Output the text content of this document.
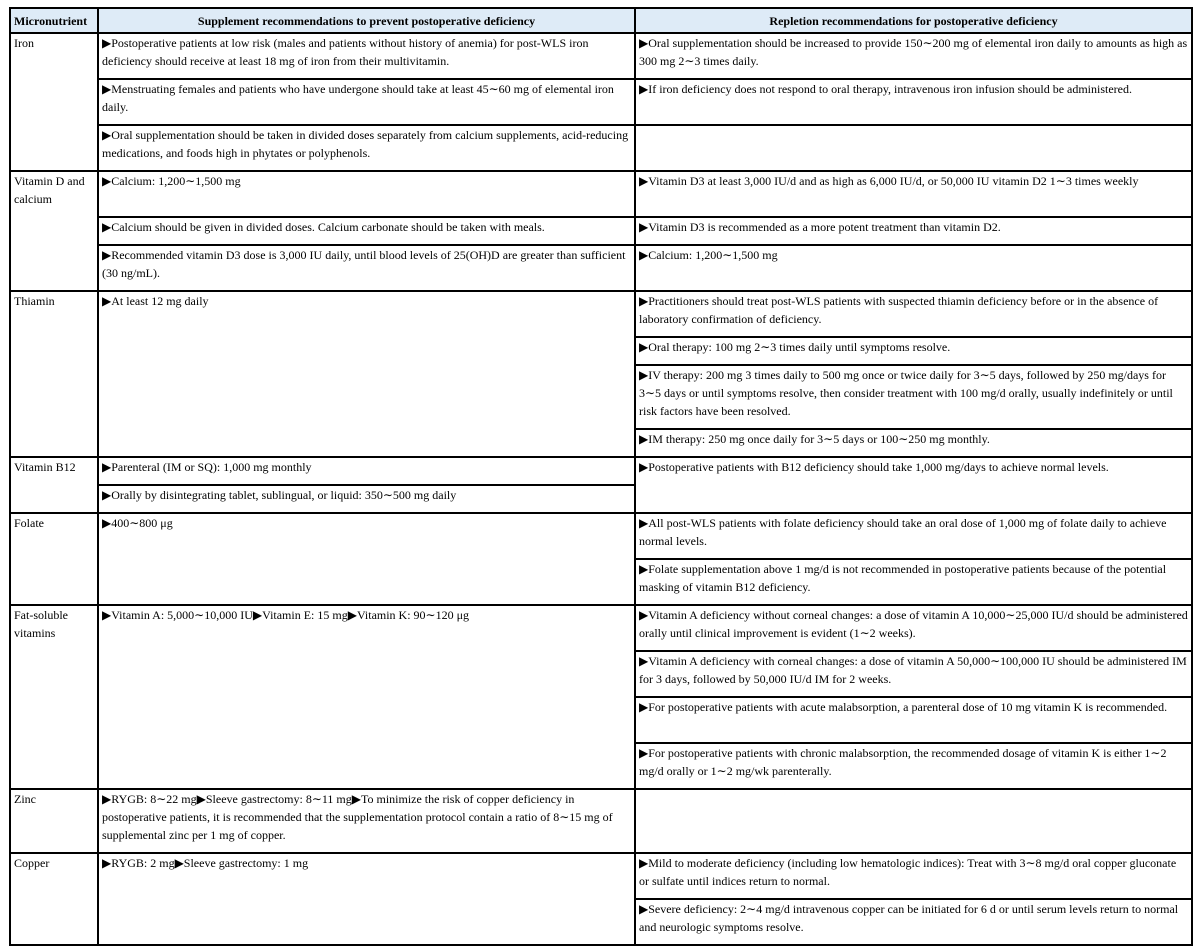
Micronutrient	Supplement recommendations to prevent postoperative deficiency	Repletion recommendations for postoperative deficiency
Iron	▶Postoperative patients at low risk (males and patients without history of anemia) for post-WLS iron deficiency should receive at least 18 mg of iron from their multivitamin.	▶Oral supplementation should be increased to provide 150∼200 mg of elemental iron daily to amounts as high as 300 mg 2∼3 times daily.
	▶Menstruating females and patients who have undergone should take at least 45∼60 mg of elemental iron daily.	▶If iron deficiency does not respond to oral therapy, intravenous iron infusion should be administered.
	▶Oral supplementation should be taken in divided doses separately from calcium supplements, acid-reducing medications, and foods high in phytates or polyphenols.	
Vitamin D and calcium	▶Calcium: 1,200∼1,500 mg	▶Vitamin D3 at least 3,000 IU/d and as high as 6,000 IU/d, or 50,000 IU vitamin D2 1∼3 times weekly
	▶Calcium should be given in divided doses. Calcium carbonate should be taken with meals.	▶Vitamin D3 is recommended as a more potent treatment than vitamin D2.
	▶Recommended vitamin D3 dose is 3,000 IU daily, until blood levels of 25(OH)D are greater than sufficient (30 ng/mL).	▶Calcium: 1,200∼1,500 mg
Thiamin	▶At least 12 mg daily	▶Practitioners should treat post-WLS patients with suspected thiamin deficiency before or in the absence of laboratory confirmation of deficiency.
		▶Oral therapy: 100 mg 2∼3 times daily until symptoms resolve.
		▶IV therapy: 200 mg 3 times daily to 500 mg once or twice daily for 3∼5 days, followed by 250 mg/days for 3∼5 days or until symptoms resolve, then consider treatment with 100 mg/d orally, usually indefinitely or until risk factors have been resolved.
		▶IM therapy: 250 mg once daily for 3∼5 days or 100∼250 mg monthly.
Vitamin B12	▶Parenteral (IM or SQ): 1,000 mg monthly	▶Postoperative patients with B12 deficiency should take 1,000 mg/days to achieve normal levels.
	▶Orally by disintegrating tablet, sublingual, or liquid: 350∼500 mg daily	
Folate	▶400∼800 μg	▶All post-WLS patients with folate deficiency should take an oral dose of 1,000 mg of folate daily to achieve normal levels.
		▶Folate supplementation above 1 mg/d is not recommended in postoperative patients because of the potential masking of vitamin B12 deficiency.
Fat-soluble vitamins	▶Vitamin A: 5,000∼10,000 IU▶Vitamin E: 15 mg▶Vitamin K: 90∼120 μg	▶Vitamin A deficiency without corneal changes: a dose of vitamin A 10,000∼25,000 IU/d should be administered orally until clinical improvement is evident (1∼2 weeks).
		▶Vitamin A deficiency with corneal changes: a dose of vitamin A 50,000∼100,000 IU should be administered IM for 3 days, followed by 50,000 IU/d IM for 2 weeks.
		▶For postoperative patients with acute malabsorption, a parenteral dose of 10 mg vitamin K is recommended.
		▶For postoperative patients with chronic malabsorption, the recommended dosage of vitamin K is either 1∼2 mg/d orally or 1∼2 mg/wk parenterally.
Zinc	▶RYGB: 8∼22 mg▶Sleeve gastrectomy: 8∼11 mg▶To minimize the risk of copper deficiency in postoperative patients, it is recommended that the supplementation protocol contain a ratio of 8∼15 mg of supplemental zinc per 1 mg of copper.	
Copper	▶RYGB: 2 mg▶Sleeve gastrectomy: 1 mg	▶Mild to moderate deficiency (including low hematologic indices): Treat with 3∼8 mg/d oral copper gluconate or sulfate until indices return to normal.
		▶Severe deficiency: 2∼4 mg/d intravenous copper can be initiated for 6 d or until serum levels return to normal and neurologic symptoms resolve.
